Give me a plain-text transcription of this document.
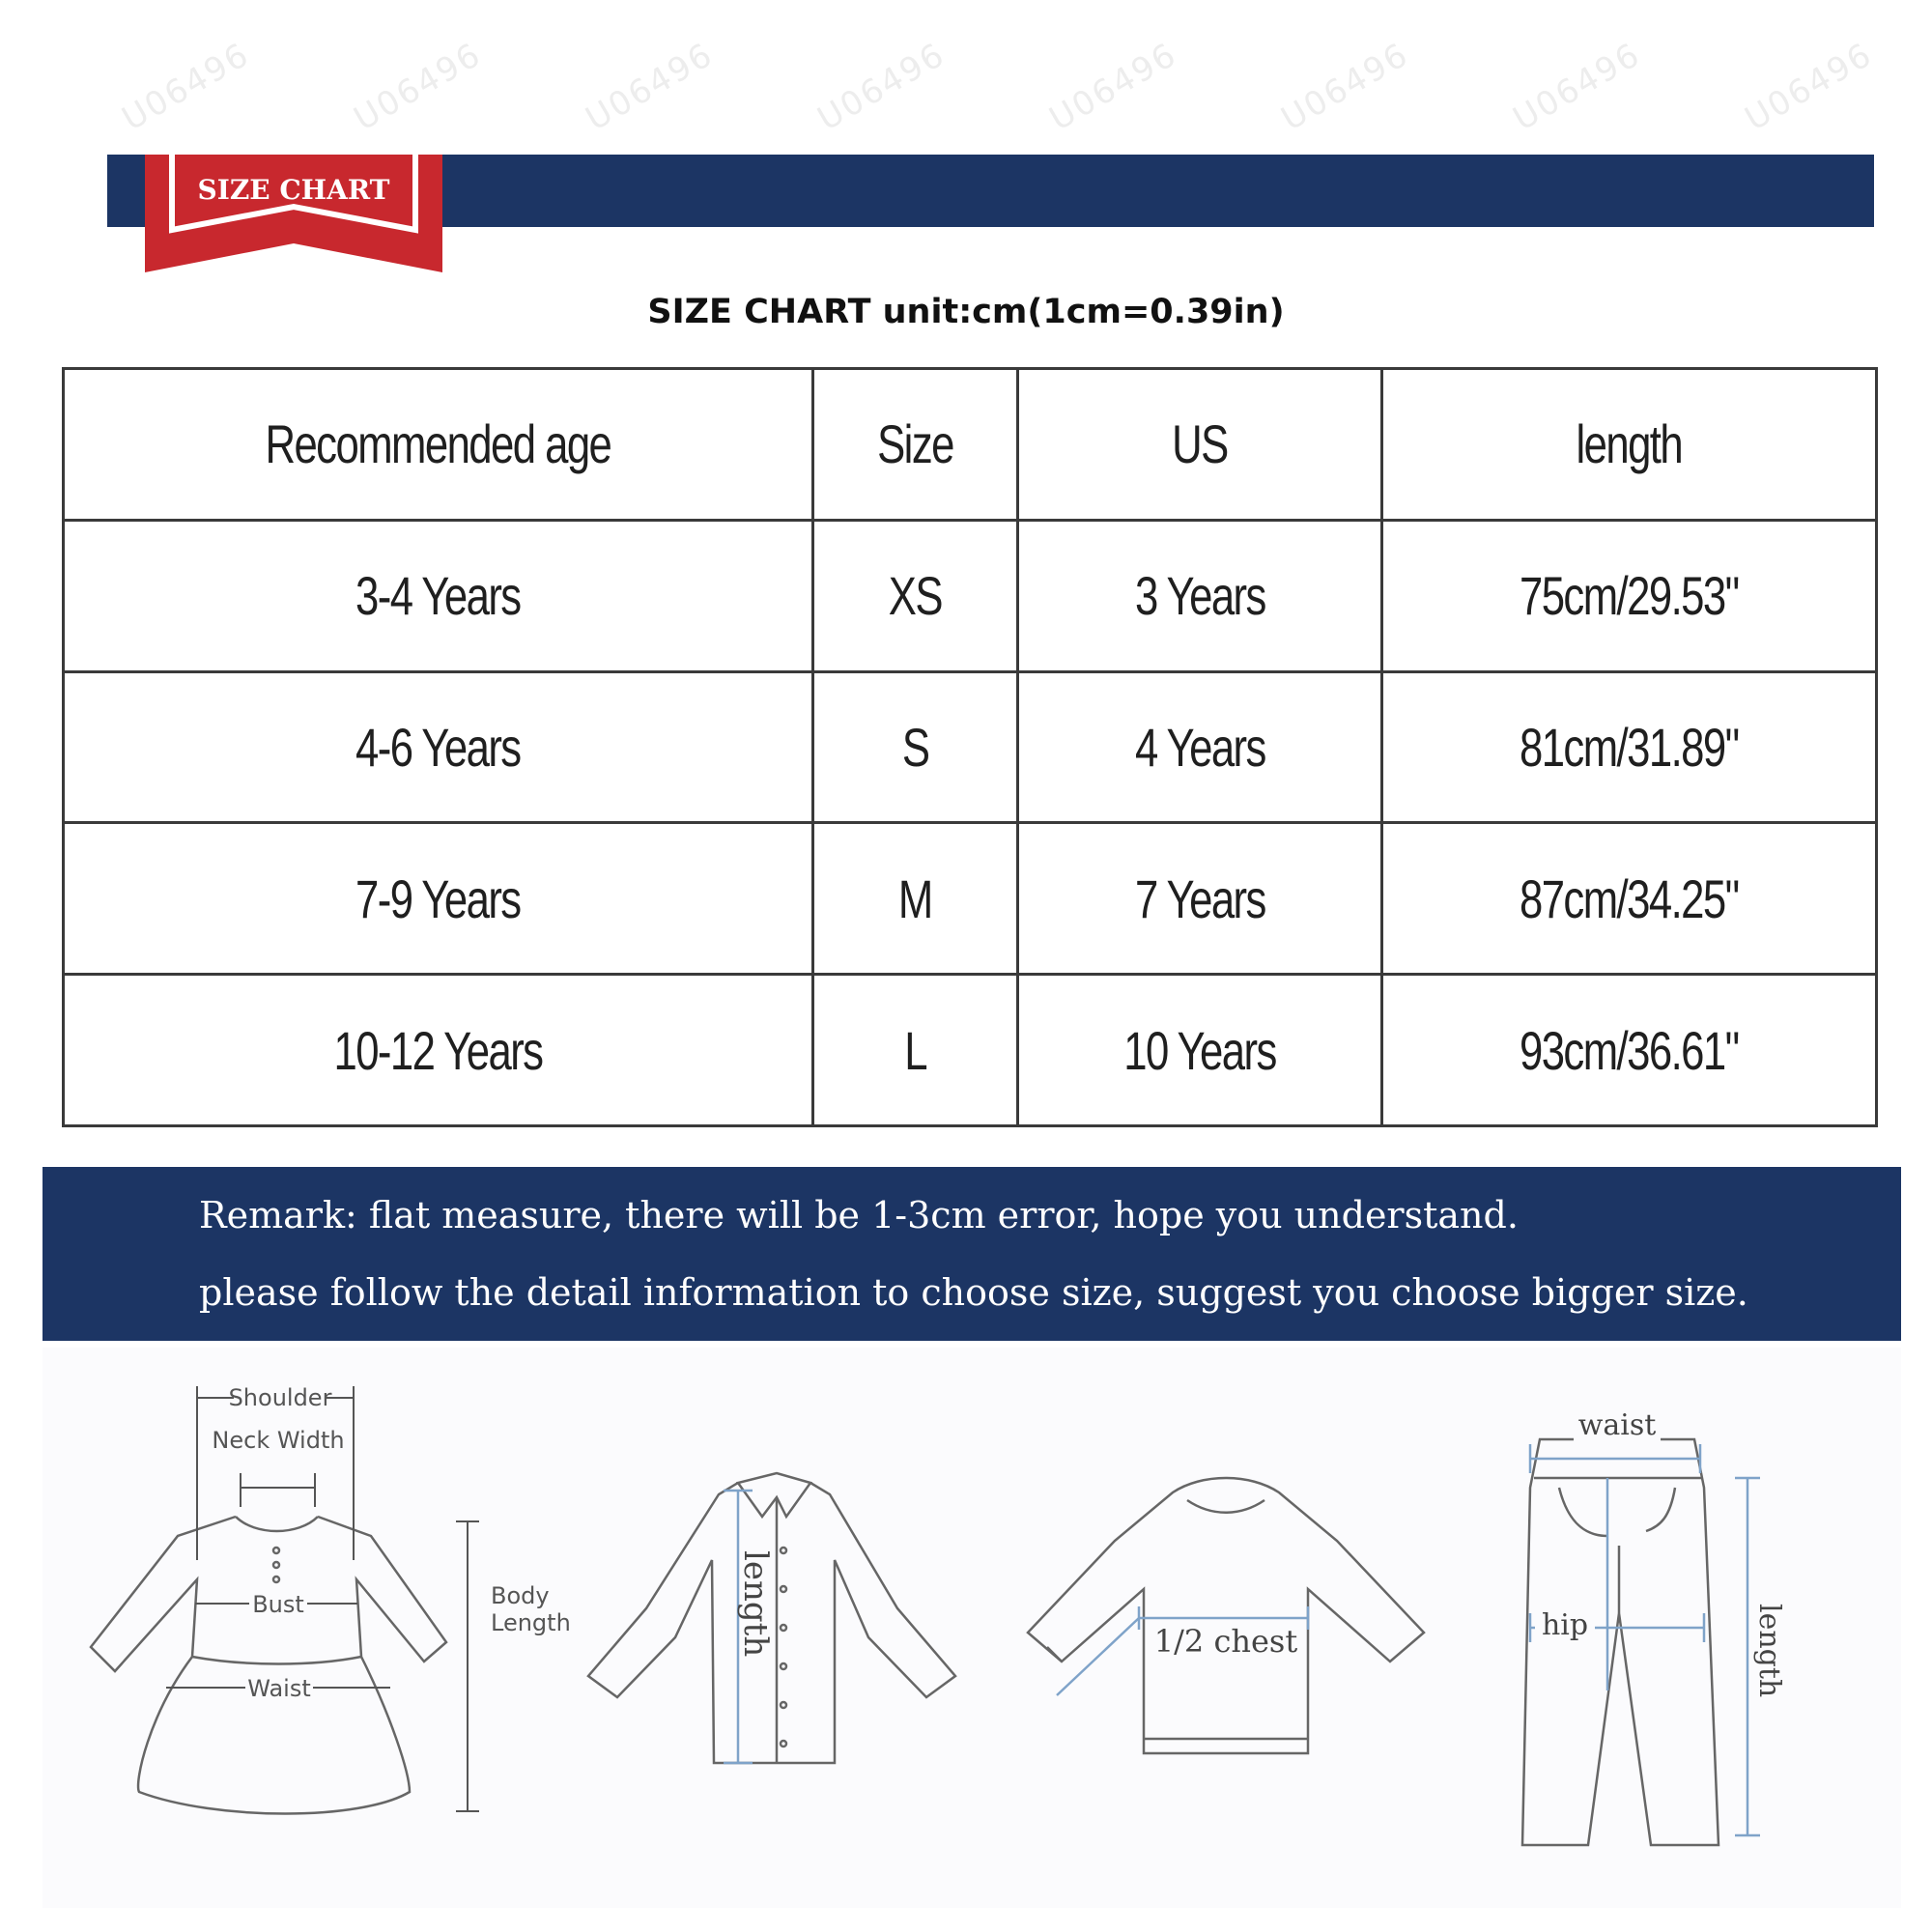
U06496	U06496	U06496	U06496	U06496	U06496	U06496	U06496
SIZE CHART
SIZE CHART unit:cm(1cm=0.39in)
Recommended age	Size	US	length
3-4 Years	XS	3 Years	75cm/29.53"
4-6 Years	S	4 Years	81cm/31.89"
7-9 Years	M	7 Years	87cm/34.25"
10-12 Years	L	10 Years	93cm/36.61"
Remark: flat measure, there will be 1-3cm error, hope you understand.
please follow the detail information to choose size, suggest you choose bigger size.
Shoulder
Neck Width
Bust
Waist
Body
Length	length	1/2 chest
waist
hip	length
